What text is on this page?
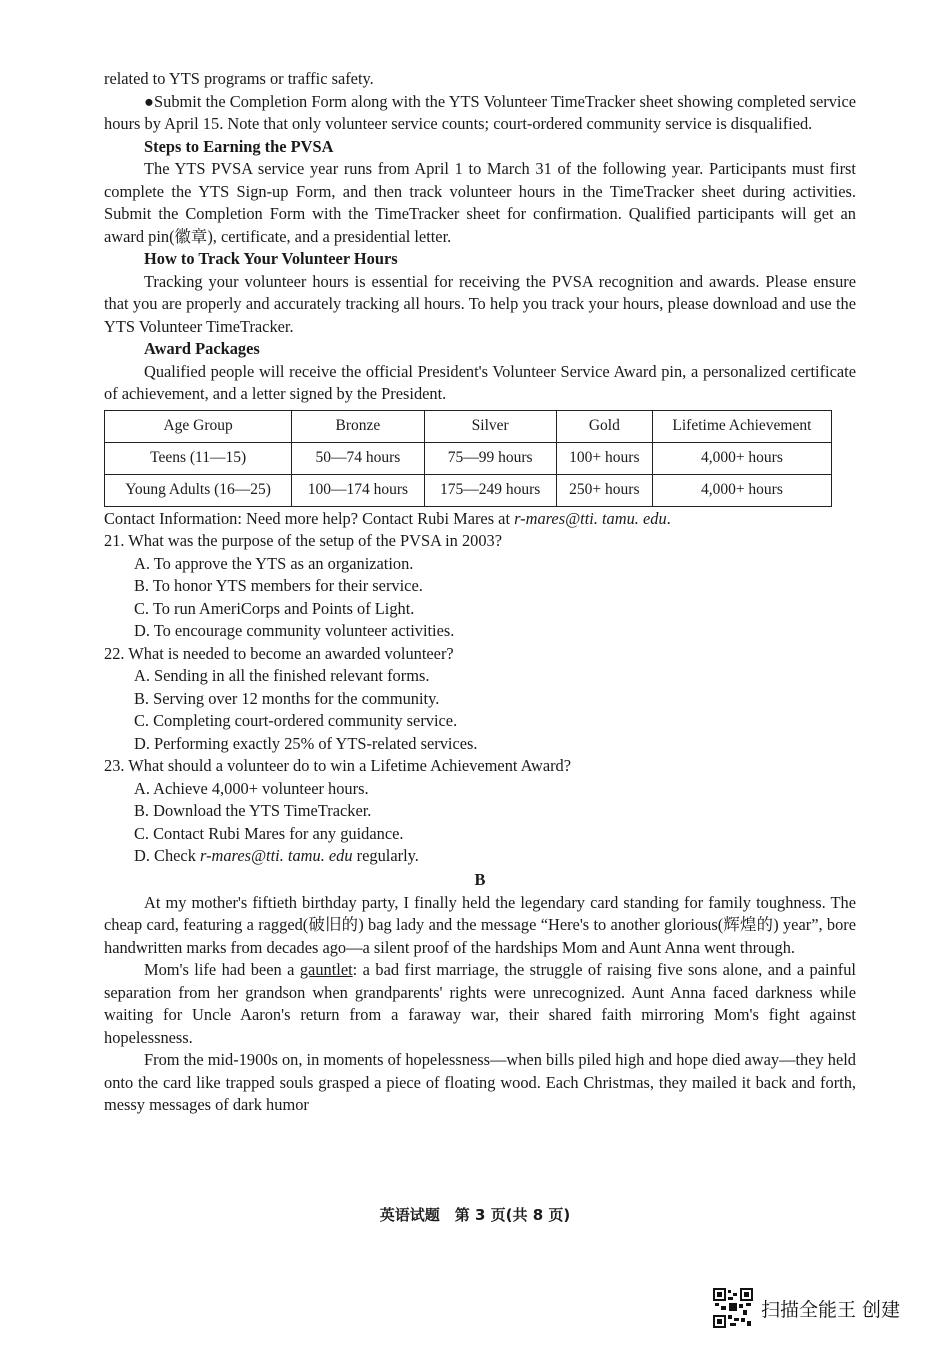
related to YTS programs or traffic safety.

●Submit the Completion Form along with the YTS Volunteer TimeTracker sheet showing completed service hours by April 15. Note that only volunteer service counts; court-ordered community service is disqualified.

Steps to Earning the PVSA

The YTS PVSA service year runs from April 1 to March 31 of the following year. Participants must first complete the YTS Sign-up Form, and then track volunteer hours in the TimeTracker sheet during activities. Submit the Completion Form with the TimeTracker sheet for confirmation. Qualified participants will get an award pin(徽章), certificate, and a presidential letter.

How to Track Your Volunteer Hours

Tracking your volunteer hours is essential for receiving the PVSA recognition and awards. Please ensure that you are properly and accurately tracking all hours. To help you track your hours, please download and use the YTS Volunteer TimeTracker.

Award Packages

Qualified people will receive the official President's Volunteer Service Award pin, a personalized certificate of achievement, and a letter signed by the President.

Age Group	Bronze	Silver	Gold	Lifetime Achievement
Teens (11—15)	50—74 hours	75—99 hours	100+ hours	4,000+ hours
Young Adults (16—25)	100—174 hours	175—249 hours	250+ hours	4,000+ hours

Contact Information: Need more help? Contact Rubi Mares at r-mares@tti. tamu. edu.

21. What was the purpose of the setup of the PVSA in 2003?
A. To approve the YTS as an organization.
B. To honor YTS members for their service.
C. To run AmeriCorps and Points of Light.
D. To encourage community volunteer activities.
22. What is needed to become an awarded volunteer?
A. Sending in all the finished relevant forms.
B. Serving over 12 months for the community.
C. Completing court-ordered community service.
D. Performing exactly 25% of YTS-related services.
23. What should a volunteer do to win a Lifetime Achievement Award?
A. Achieve 4,000+ volunteer hours.
B. Download the YTS TimeTracker.
C. Contact Rubi Mares for any guidance.
D. Check r-mares@tti. tamu. edu regularly.
B

At my mother's fiftieth birthday party, I finally held the legendary card standing for family toughness. The cheap card, featuring a ragged(破旧的) bag lady and the message “Here's to another glorious(辉煌的) year”, bore handwritten marks from decades ago—a silent proof of the hardships Mom and Aunt Anna went through.

Mom's life had been a gauntlet: a bad first marriage, the struggle of raising five sons alone, and a painful separation from her grandson when grandparents' rights were unrecognized. Aunt Anna faced darkness while waiting for Uncle Aaron's return from a faraway war, their shared faith mirroring Mom's fight against hopelessness.

From the mid-1900s on, in moments of hopelessness—when bills piled high and hope died away—they held onto the card like trapped souls grasped a piece of floating wood. Each Christmas, they mailed it back and forth, messy messages of dark humor

英语试题　第 3 页(共 8 页)
扫描全能王 创建
